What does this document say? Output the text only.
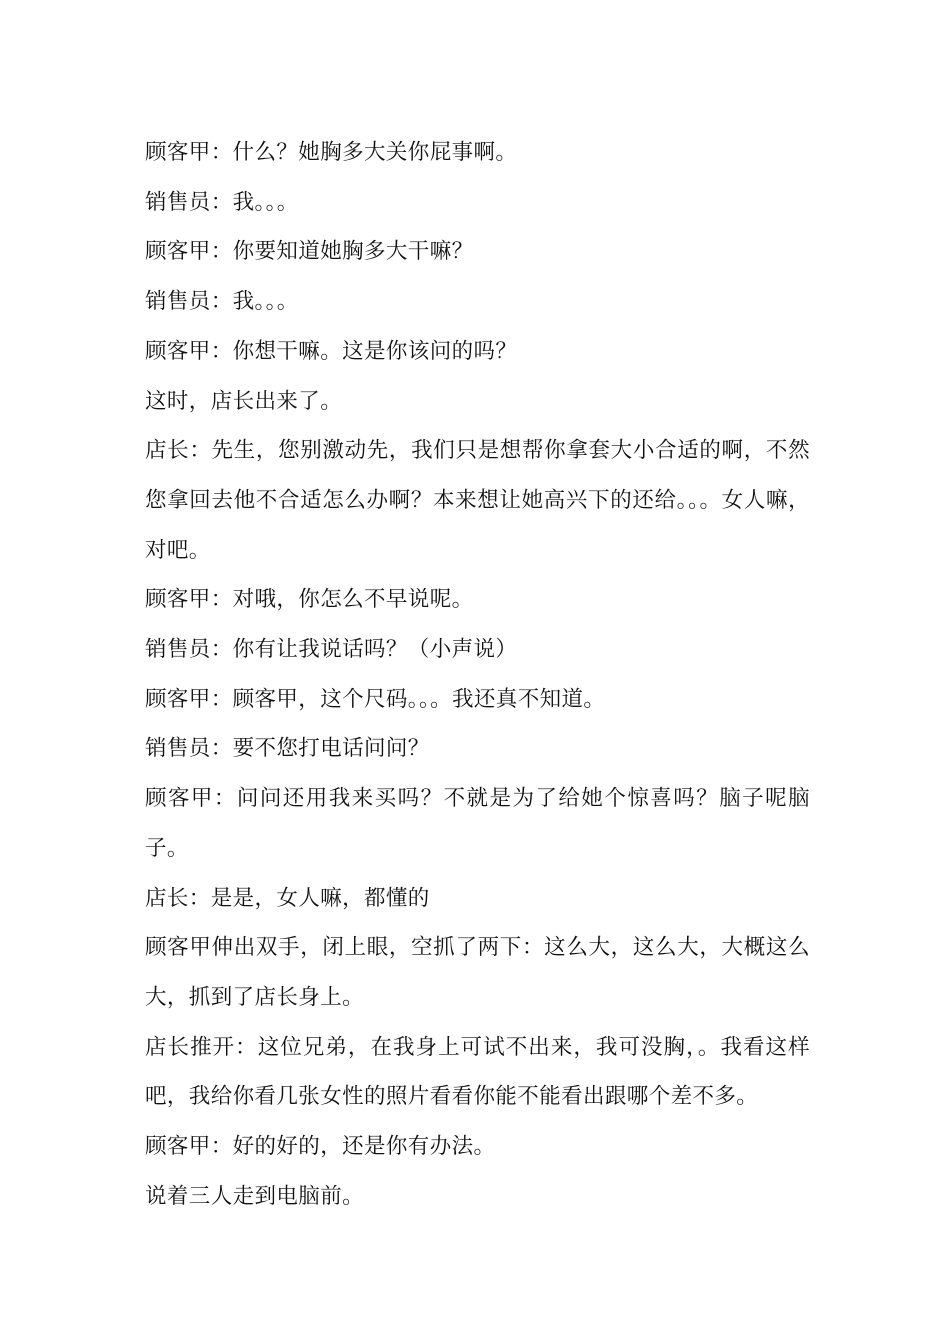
顾客甲：什么？她胸多大关你屁事啊。

销售员：我。。。

顾客甲：你要知道她胸多大干嘛？

销售员：我。。。

顾客甲：你想干嘛。这是你该问的吗？

这时，店长出来了。

店长：先生，您别激动先，我们只是想帮你拿套大小合适的啊，不然您拿回去他不合适怎么办啊？本来想让她高兴下的还给。。。女人嘛，对吧。

顾客甲：对哦，你怎么不早说呢。

销售员：你有让我说话吗？（小声说）

顾客甲：顾客甲，这个尺码。。。我还真不知道。

销售员：要不您打电话问问？

顾客甲：问问还用我来买吗？不就是为了给她个惊喜吗？脑子呢脑子。

店长：是是，女人嘛，都懂的

顾客甲伸出双手，闭上眼，空抓了两下：这么大，这么大，大概这么大，抓到了店长身上。

店长推开：这位兄弟，在我身上可试不出来，我可没胸，。我看这样吧，我给你看几张女性的照片看看你能不能看出跟哪个差不多。

顾客甲：好的好的，还是你有办法。

说着三人走到电脑前。
